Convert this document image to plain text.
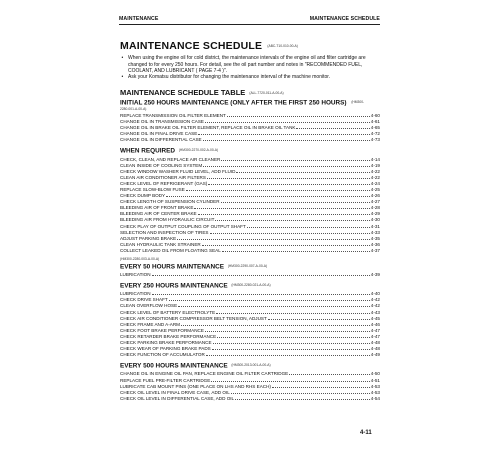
MAINTENANCE	MAINTENANCE SCHEDULE
MAINTENANCE SCHEDULE (ABC-T10-010-00-A)
• When using the engine oil for cold district, the maintenance intervals of the engine oil and filter cartridge are changed to for every 250 hours. For detail, see the oil part number and notes in "RECOMMENDED FUEL, COOLANT, AND LUBRICANT ( PAGE 7-4 )".
• Ask your Komatsu distributor for changing the maintenance interval of the machine monitor.
MAINTENANCE SCHEDULE TABLE (ALL-7720-011-A-00-A)
INITIAL 250 HOURS MAINTENANCE (ONLY AFTER THE FIRST 250 HOURS) (HM300-
2280-001-A-00-A)
REPLACE TRANSMISSION OIL FILTER ELEMENT	4-60
CHANGE OIL IN TRANSMISSION CASE	4-61
CHANGE OIL IN BRAKE OIL FILTER ELEMENT, REPLACE OIL IN BRAKE OIL TANK	4-65
CHANGE OIL IN FINAL DRIVE CASE	4-72
CHANGE OIL IN DIFFERENTIAL CASE	4-73
WHEN REQUIRED (HM300-2270-002-A-00-A)
CHECK, CLEAN, AND REPLACE AIR CLEANER	4-14
CLEAN INSIDE OF COOLING SYSTEM	4-19
CHECK WINDOW WASHER FLUID LEVEL, ADD FLUID	4-22
CLEAN AIR CONDITIONER AIR FILTERS	4-22
CHECK LEVEL OF REFRIGERANT (GAS)	4-24
REPLACE SLOW-BLOW FUSE	4-25
CHECK DUMP BODY	4-26
CHECK LENGTH OF SUSPENSION CYLINDER	4-27
BLEEDING AIR OF FRONT BRAKE	4-28
BLEEDING AIR OF CENTER BRAKE	4-29
BLEEDING AIR FROM HYDRAULIC CIRCUIT	4-30
CHECK PLAY OF OUTPUT COUPLING OF OUTPUT SHAFT	4-31
SELECTION AND INSPECTION OF TIRES	4-33
ADJUST PARKING BRAKE	4-35
CLEAN HYDRAULIC TANK STRAINER	4-36
COLLECT LEAKED OIL FROM FLOATING SEAL	4-37
(HM300-2280-003-A-00-A)
EVERY 50 HOURS MAINTENANCE (HM300-2290-007-A-00-A)
LUBRICATION	4-39
EVERY 250 HOURS MAINTENANCE (HM300-2280-021-A-00-A)
LUBRICATION	4-40
CHECK DRIVE SHAFT	4-42
CLEAN OVERFLOW HOSE	4-42
CHECK LEVEL OF BATTERY ELECTROLYTE	4-43
CHECK AIR CONDITIONER COMPRESSOR BELT TENSION, ADJUST	4-45
CHECK FRAME AND A-ARM	4-46
CHECK FOOT BRAKE PERFORMANCE	4-47
CHECK RETARDER BRAKE PERFORMANCE	4-47
CHECK PARKING BRAKE PERFORMANCE	4-48
CHECK WEAR OF PARKING BRAKE PADS	4-48
CHECK FUNCTION OF ACCUMULATOR	4-49
EVERY 500 HOURS MAINTENANCE (HM300-2013-001-A-00-A)
CHANGE OIL IN ENGINE OIL PAN, REPLACE ENGINE OIL FILTER CARTRIDGE	4-50
REPLACE FUEL PRE-FILTER CARTRIDGE	4-51
LUBRICATE CAB MOUNT PINS (ONE PLACE ON LHS AND RHS EACH)	4-53
CHECK OIL LEVEL IN FINAL DRIVE CASE, ADD OIL	4-53
CHECK OIL LEVEL IN DIFFERENTIAL CASE, ADD OIL	4-54
4-11
